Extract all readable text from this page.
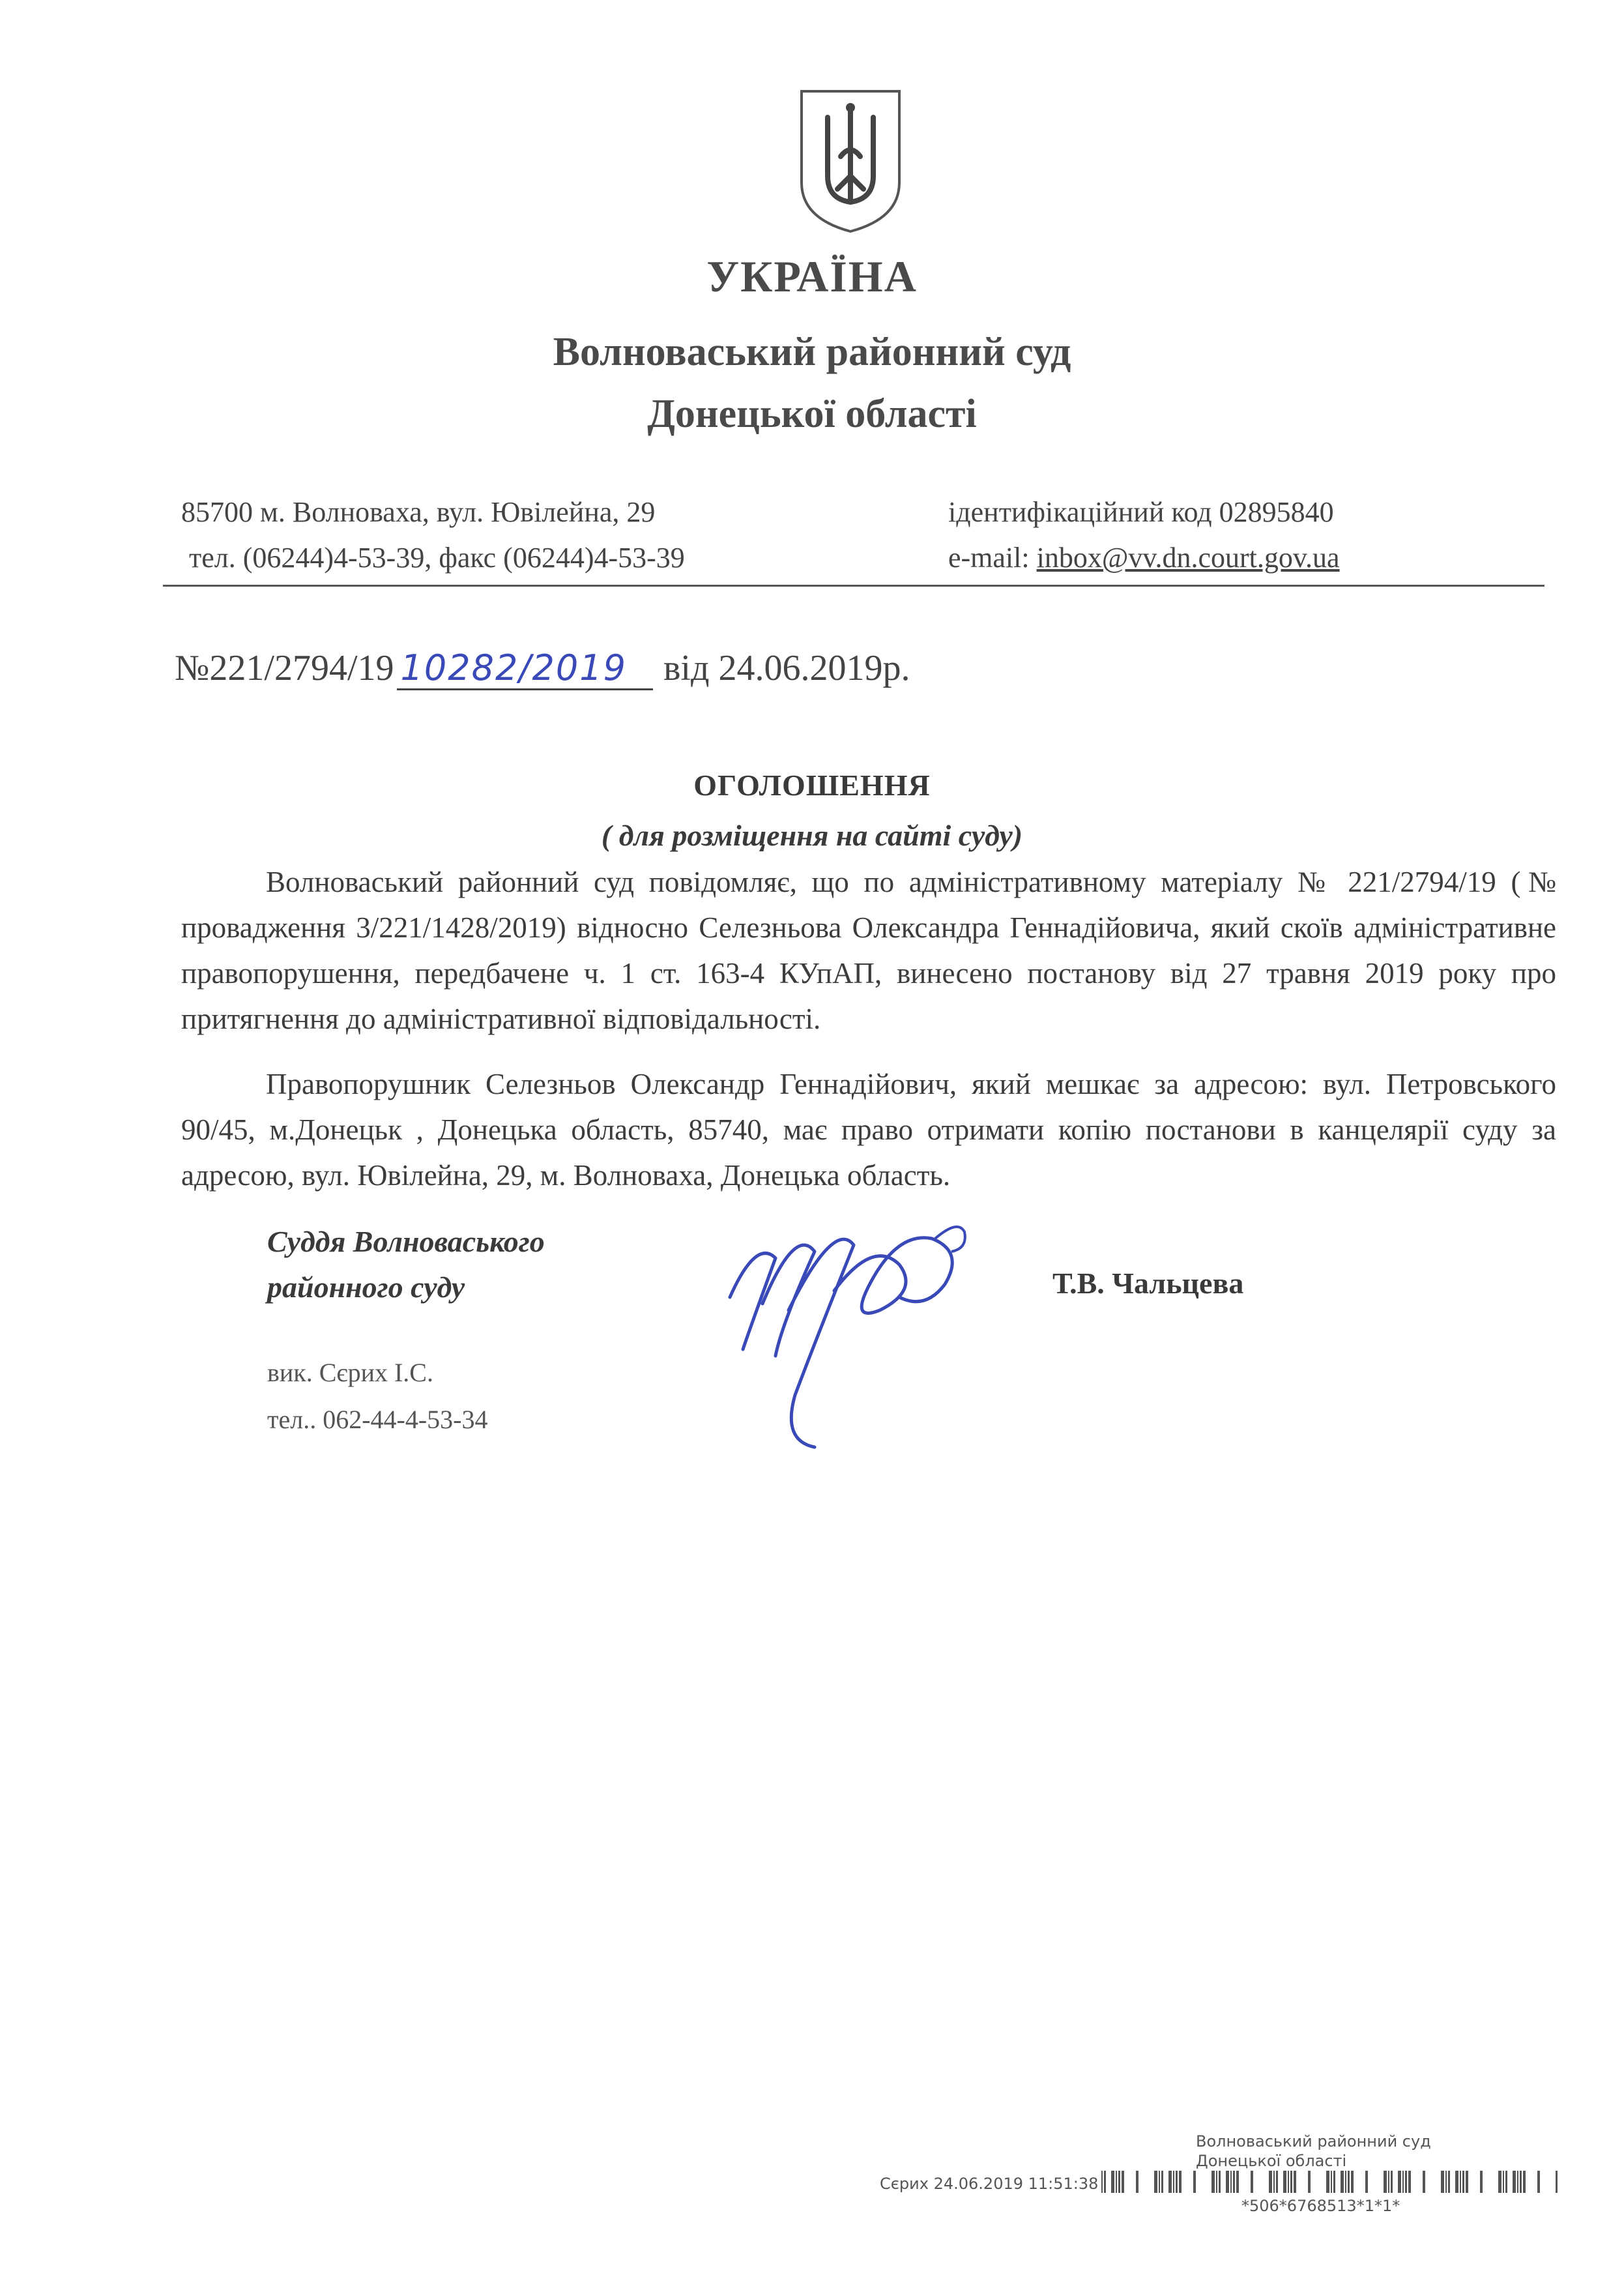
УКРАЇНА
Волноваський районний суд
Донецької області
85700 м. Волноваха, вул. Ювілейна, 29
тел. (06244)4-53-39, факс (06244)4-53-39
ідентифікаційний код 02895840
e-mail: inbox@vv.dn.court.gov.ua
№221/2794/19 10282/2019 від 24.06.2019р.
ОГОЛОШЕННЯ
( для розміщення на сайті суду)
Волноваський районний суд повідомляє, що по адміністративному матеріалу № 221/2794/19 (№ провадження 3/221/1428/2019) відносно Селезньова Олександра Геннадійовича, який скоїв адміністративне правопорушення, передбачене ч. 1 ст. 163-4 КУпАП, винесено постанову від 27 травня 2019 року про притягнення до адміністративної відповідальності.
Правопорушник Селезньов Олександр Геннадійович, який мешкає за адресою: вул. Петровського 90/45, м.Донецьк , Донецька область, 85740, має право отримати копію постанови в канцелярії суду за адресою, вул. Ювілейна, 29, м. Волноваха, Донецька область.
Суддя Волноваського
районного суду	Т.В. Чальцева
вик. Сєрих І.С.
тел.. 062-44-4-53-34
Волноваський районний суд
Донецької області
Сєрих 24.06.2019 11:51:38
*506*6768513*1*1*
